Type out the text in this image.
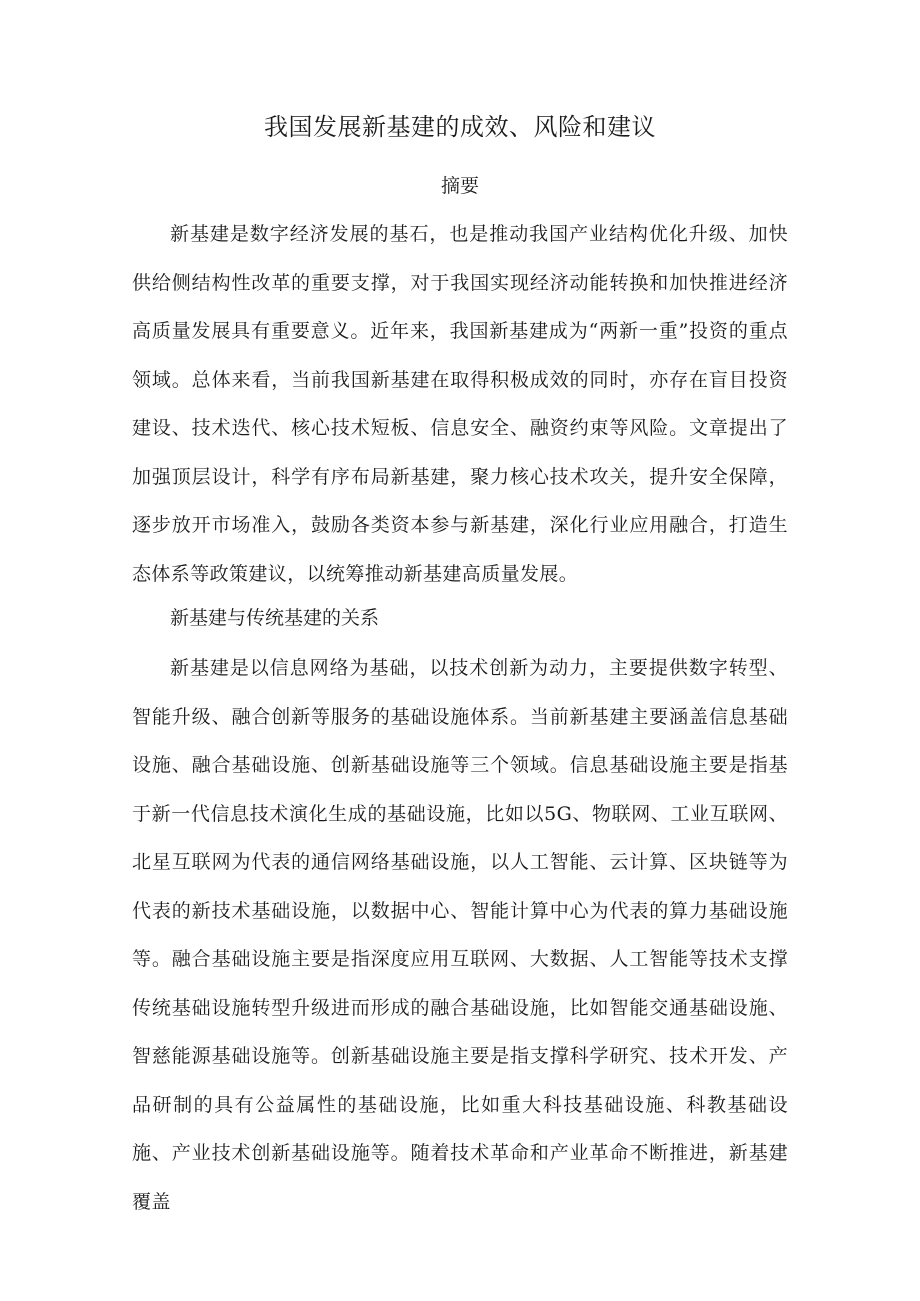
我国发展新基建的成效、风险和建议
摘要

新基建是数字经济发展的基石，也是推动我国产业结构优化升级、加快供给侧结构性改革的重要支撑，对于我国实现经济动能转换和加快推进经济高质量发展具有重要意义。近年来，我国新基建成为“两新一重”投资的重点领域。总体来看，当前我国新基建在取得积极成效的同时，亦存在盲目投资建设、技术迭代、核心技术短板、信息安全、融资约束等风险。文章提出了加强顶层设计，科学有序布局新基建，聚力核心技术攻关，提升安全保障，逐步放开市场准入，鼓励各类资本参与新基建，深化行业应用融合，打造生态体系等政策建议，以统筹推动新基建高质量发展。

新基建与传统基建的关系

新基建是以信息网络为基础，以技术创新为动力，主要提供数字转型、智能升级、融合创新等服务的基础设施体系。当前新基建主要涵盖信息基础设施、融合基础设施、创新基础设施等三个领域。信息基础设施主要是指基于新一代信息技术演化生成的基础设施，比如以5G、物联网、工业互联网、北星互联网为代表的通信网络基础设施，以人工智能、云计算、区块链等为代表的新技术基础设施，以数据中心、智能计算中心为代表的算力基础设施等。融合基础设施主要是指深度应用互联网、大数据、人工智能等技术支撑传统基础设施转型升级进而形成的融合基础设施，比如智能交通基础设施、智慈能源基础设施等。创新基础设施主要是指支撑科学研究、技术开发、产品研制的具有公益属性的基础设施，比如重大科技基础设施、科教基础设施、产业技术创新基础设施等。随着技术革命和产业革命不断推进，新基建覆盖
